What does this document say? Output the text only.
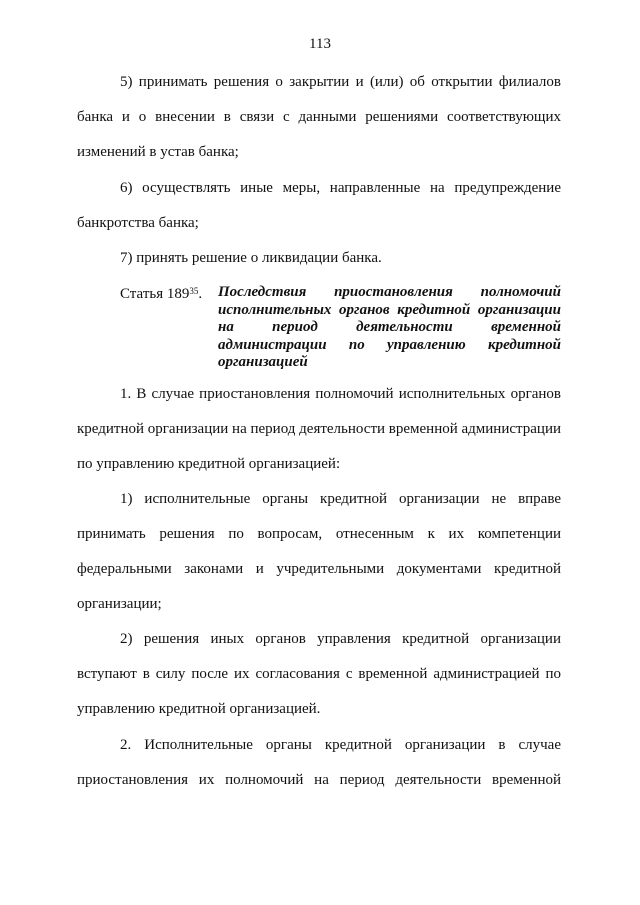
113
5) принимать решения о закрытии и (или) об открытии филиалов
банка и о внесении в связи с данными решениями соответствующих
изменений в устав банка;
6) осуществлять иные меры, направленные на предупреждение
банкротства банка;
7) принять решение о ликвидации банка.
Статья $189^{35}$. Последствия приостановления полномочий
исполнительных органов кредитной организации
на период деятельности временной
администрации по управлению кредитной
организацией
1. В случае приостановления полномочий исполнительных органов
кредитной организации на период деятельности временной администрации
по управлению кредитной организацией:
1) исполнительные органы кредитной организации не вправе
принимать решения по вопросам, отнесенным к их компетенции
федеральными законами и учредительными документами кредитной
организации;
2) решения иных органов управления кредитной организации
вступают в силу после их согласования с временной администрацией по
управлению кредитной организацией.
2. Исполнительные органы кредитной организации в случае
приостановления их полномочий на период деятельности временной
